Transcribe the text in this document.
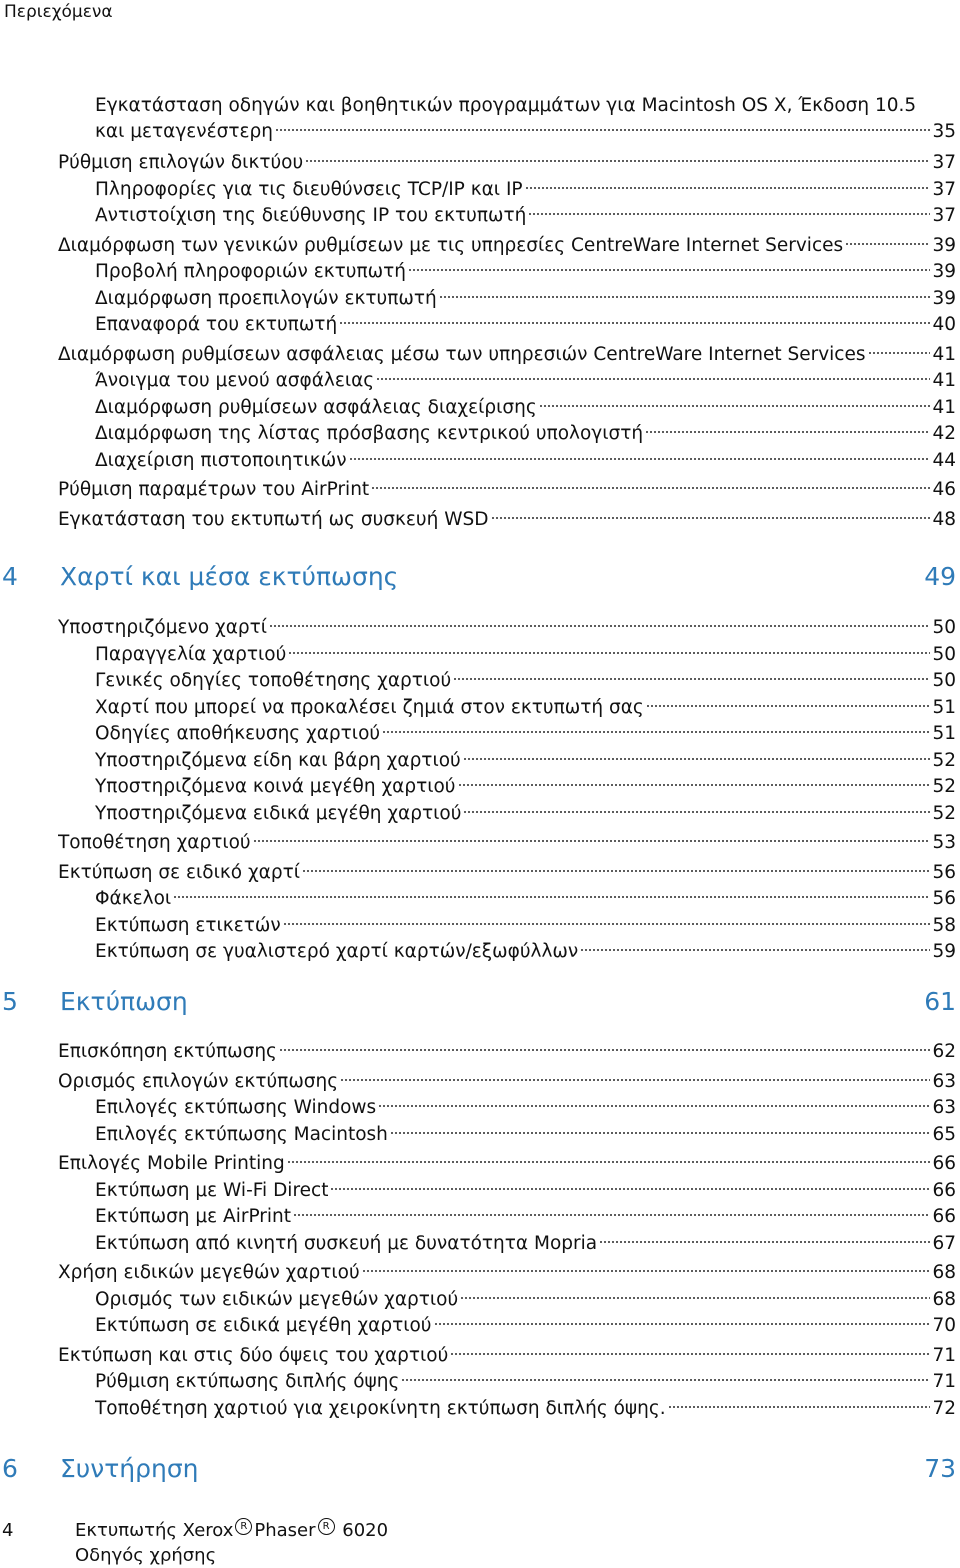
Περιεχόμενα
Εγκατάσταση οδηγών και βοηθητικών προγραμμάτων για Macintosh OS X, Έκδοση 10.5
και μεταγενέστερη	35
Ρύθμιση επιλογών δικτύου	37
Πληροφορίες για τις διευθύνσεις TCP/IP και IP	37
Αντιστοίχιση της διεύθυνσης IP του εκτυπωτή	37
Διαμόρφωση των γενικών ρυθμίσεων με τις υπηρεσίες CentreWare Internet Services	39
Προβολή πληροφοριών εκτυπωτή	39
Διαμόρφωση προεπιλογών εκτυπωτή	39
Επαναφορά του εκτυπωτή	40
Διαμόρφωση ρυθμίσεων ασφάλειας μέσω των υπηρεσιών CentreWare Internet Services	41
Άνοιγμα του μενού ασφάλειας	41
Διαμόρφωση ρυθμίσεων ασφάλειας διαχείρισης	41
Διαμόρφωση της λίστας πρόσβασης κεντρικού υπολογιστή	42
Διαχείριση πιστοποιητικών	44
Ρύθμιση παραμέτρων του AirPrint	46
Εγκατάσταση του εκτυπωτή ως συσκευή WSD	48
4	Χαρτί και μέσα εκτύπωσης	49
Υποστηριζόμενο χαρτί	50
Παραγγελία χαρτιού	50
Γενικές οδηγίες τοποθέτησης χαρτιού	50
Χαρτί που μπορεί να προκαλέσει ζημιά στον εκτυπωτή σας	51
Οδηγίες αποθήκευσης χαρτιού	51
Υποστηριζόμενα είδη και βάρη χαρτιού	52
Υποστηριζόμενα κοινά μεγέθη χαρτιού	52
Υποστηριζόμενα ειδικά μεγέθη χαρτιού	52
Τοποθέτηση χαρτιού	53
Εκτύπωση σε ειδικό χαρτί	56
Φάκελοι	56
Εκτύπωση ετικετών	58
Εκτύπωση σε γυαλιστερό χαρτί καρτών/εξωφύλλων	59
5	Εκτύπωση	61
Επισκόπηση εκτύπωσης	62
Ορισμός επιλογών εκτύπωσης	63
Επιλογές εκτύπωσης Windows	63
Επιλογές εκτύπωσης Macintosh	65
Επιλογές Mobile Printing	66
Εκτύπωση με Wi-Fi Direct	66
Εκτύπωση με AirPrint	66
Εκτύπωση από κινητή συσκευή με δυνατότητα Mopria	67
Χρήση ειδικών μεγεθών χαρτιού	68
Ορισμός των ειδικών μεγεθών χαρτιού	68
Εκτύπωση σε ειδικά μεγέθη χαρτιού	70
Εκτύπωση και στις δύο όψεις του χαρτιού	71
Ρύθμιση εκτύπωσης διπλής όψης	71
Τοποθέτηση χαρτιού για χειροκίνητη εκτύπωση διπλής όψης.	72
6	Συντήρηση	73
4	Εκτυπωτής Xerox R Phaser R 6020
Οδηγός χρήσης
